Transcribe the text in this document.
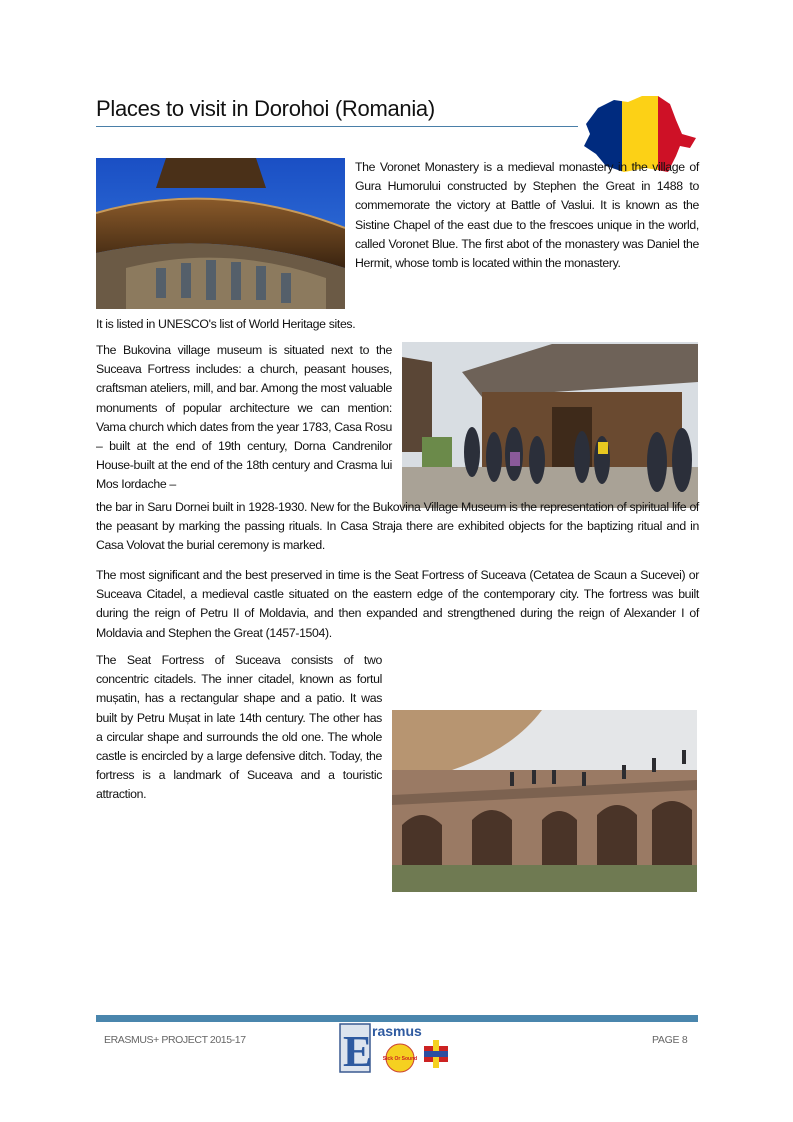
Places to visit in Dorohoi (Romania)
The Voronet Monastery is a medieval monastery in the village of Gura Humorului constructed by Stephen the Great in 1488 to commemorate the victory at Battle of Vaslui. It is known as the Sistine Chapel of the east due to the frescoes unique in the world, called Voronet Blue. The first abot of the monastery was Daniel the Hermit, whose tomb is located within the monastery.
It is listed in UNESCO's list of World Heritage sites.
The Bukovina village museum is situated next to the Suceava Fortress includes: a church, peasant houses, craftsman ateliers, mill, and bar. Among the most valuable monuments of popular architecture we can mention: Vama church which dates from the year 1783, Casa Rosu – built at the end of 19th century, Dorna Candrenilor House-built at the end of the 18th century and Crasma lui Mos Iordache –
the bar in Saru Dornei built in 1928-1930. New for the Bukovina Village Museum is the representation of spiritual life of the peasant by marking the passing rituals. In Casa Straja there are exhibited objects for the baptizing ritual and in Casa Volovat the burial ceremony is marked.
The most significant and the best preserved in time is the Seat Fortress of Suceava (Cetatea de Scaun a Sucevei) or Suceava Citadel, a medieval castle situated on the eastern edge of the contemporary city. The fortress was built during the reign of Petru II of Moldavia, and then expanded and strengthened during the reign of Alexander I of Moldavia and Stephen the Great (1457-1504).
The Seat Fortress of Suceava consists of two concentric citadels. The inner citadel, known as fortul mușatin, has a rectangular shape and a patio. It was built by Petru Mușat in late 14th century. The other has a circular shape and surrounds the old one. The whole castle is encircled by a large defensive ditch. Today, the fortress is a landmark of Suceava and a touristic attraction.
ERASMUS+ PROJECT 2015-17	PAGE 8
E rasmus
Sick Or Sound
